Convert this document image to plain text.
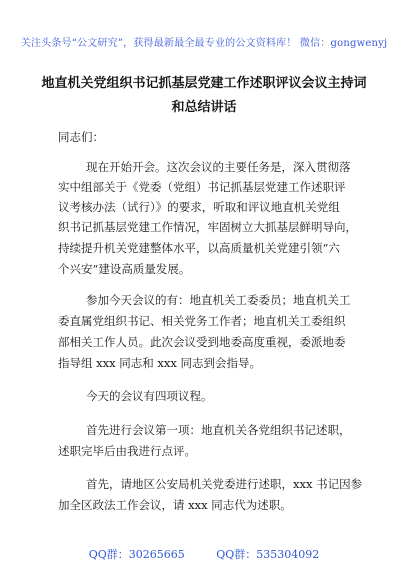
关注头条号“公文研究”，获得最新最全最专业的公文资料库！ 微信：gongwenyj
地直机关党组织书记抓基层党建工作述职评议会议主持词
和总结讲话
同志们：
现在开始开会。这次会议的主要任务是，深入贯彻落
实中组部关于《党委（党组）书记抓基层党建工作述职评
议考核办法（试行）》的要求，听取和评议地直机关党组
织书记抓基层党建工作情况，牢固树立大抓基层鲜明导向，
持续提升机关党建整体水平，以高质量机关党建引领“六
个兴安”建设高质量发展。
参加今天会议的有：地直机关工委委员；地直机关工
委直属党组织书记、相关党务工作者；地直机关工委组织
部相关工作人员。此次会议受到地委高度重视，委派地委
指导组 xxx 同志和 xxx 同志到会指导。
今天的会议有四项议程。
首先进行会议第一项：地直机关各党组织书记述职，
述职完毕后由我进行点评。
首先，请地区公安局机关党委进行述职，xxx 书记因参
加全区政法工作会议，请 xxx 同志代为述职。
QQ群：30265665	QQ群：535304092
